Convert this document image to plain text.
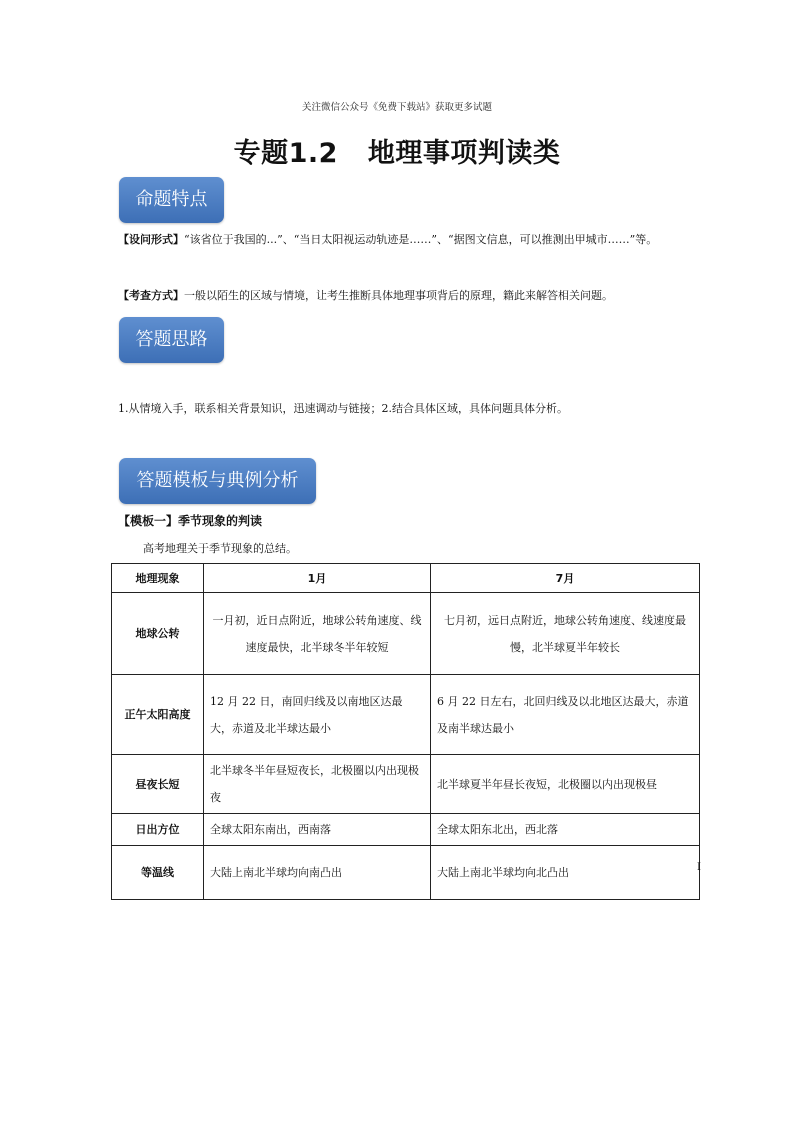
关注微信公众号《免费下载站》获取更多试题
专题1.2 地理事项判读类
命题特点
【设问形式】“该省位于我国的...”、“当日太阳视运动轨迹是……”、“据图文信息，可以推测出甲城市……”等。
【考查方式】一般以陌生的区域与情境，让考生推断具体地理事项背后的原理，籍此来解答相关问题。
答题思路
1.从情境入手，联系相关背景知识，迅速调动与链接；2.结合具体区域，具体问题具体分析。
答题模板与典例分析
【模板一】季节现象的判读
高考地理关于季节现象的总结。
地理现象	1月	7月
地球公转	一月初，近日点附近，地球公转角速度、线速度最快，北半球冬半年较短	七月初，远日点附近，地球公转角速度、线速度最慢，北半球夏半年较长
正午太阳高度	12 月 22 日，南回归线及以南地区达最大，赤道及北半球达最小	6 月 22 日左右，北回归线及以北地区达最大，赤道及南半球达最小
昼夜长短	北半球冬半年昼短夜长，北极圈以内出现极夜	北半球夏半年昼长夜短，北极圈以内出现极昼
日出方位	全球太阳东南出，西南落	全球太阳东北出，西北落
等温线	大陆上南北半球均向南凸出	大陆上南北半球均向北凸出	I
